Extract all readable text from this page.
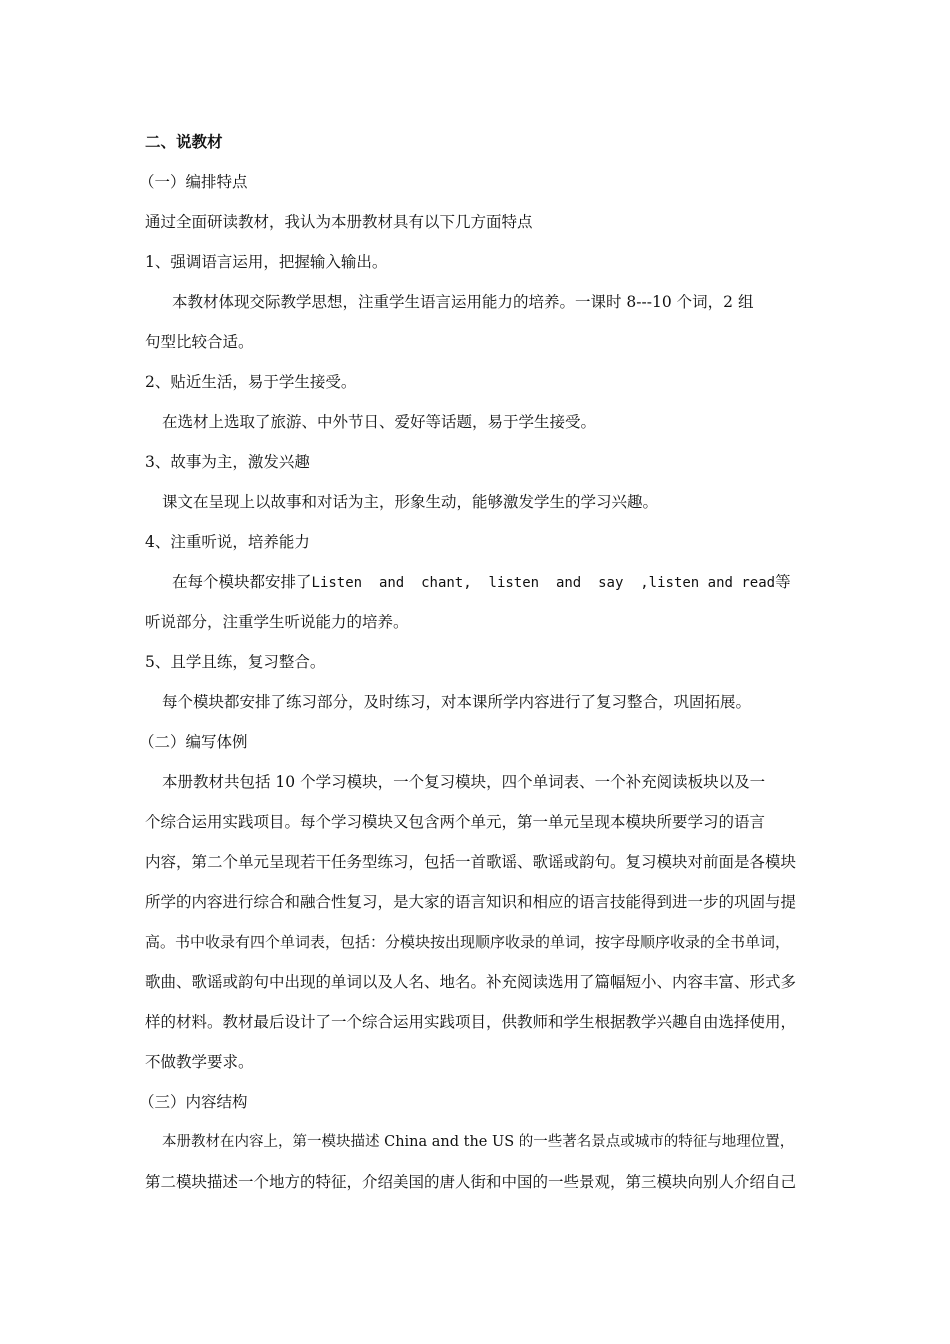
二、说教材
（一）编排特点
通过全面研读教材，我认为本册教材具有以下几方面特点
1、强调语言运用，把握输入输出。
本教材体现交际教学思想，注重学生语言运用能力的培养。一课时 8---10 个词，2 组
句型比较合适。
2、贴近生活，易于学生接受。
在选材上选取了旅游、中外节日、爱好等话题，易于学生接受。
3、故事为主，激发兴趣
课文在呈现上以故事和对话为主，形象生动，能够激发学生的学习兴趣。
4、注重听说，培养能力
在每个模块都安排了Listen  and  chant,  listen  and  say  ,listen and read等
听说部分，注重学生听说能力的培养。
5、且学且练，复习整合。
每个模块都安排了练习部分，及时练习，对本课所学内容进行了复习整合，巩固拓展。
（二）编写体例
本册教材共包括 10 个学习模块，一个复习模块，四个单词表、一个补充阅读板块以及一
个综合运用实践项目。每个学习模块又包含两个单元，第一单元呈现本模块所要学习的语言
内容，第二个单元呈现若干任务型练习，包括一首歌谣、歌谣或韵句。复习模块对前面是各模块
所学的内容进行综合和融合性复习，是大家的语言知识和相应的语言技能得到进一步的巩固与提
高。书中收录有四个单词表，包括：分模块按出现顺序收录的单词，按字母顺序收录的全书单词，
歌曲、歌谣或韵句中出现的单词以及人名、地名。补充阅读选用了篇幅短小、内容丰富、形式多
样的材料。教材最后设计了一个综合运用实践项目，供教师和学生根据教学兴趣自由选择使用，
不做教学要求。
（三）内容结构
本册教材在内容上，第一模块描述 China and the US 的一些著名景点或城市的特征与地理位置，
第二模块描述一个地方的特征，介绍美国的唐人街和中国的一些景观，第三模块向别人介绍自己
